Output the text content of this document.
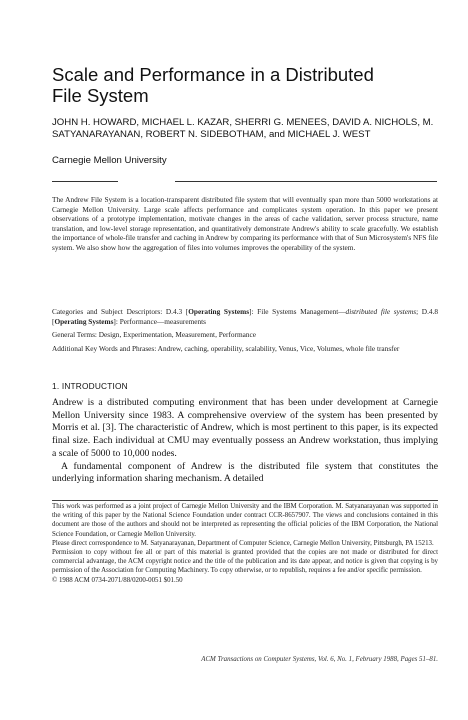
Scale and Performance in a Distributed
File System
JOHN H. HOWARD, MICHAEL L. KAZAR, SHERRI G. MENEES, DAVID A. NICHOLS, M. SATYANARAYANAN, ROBERT N. SIDEBOTHAM, and MICHAEL J. WEST
Carnegie Mellon University
The Andrew File System is a location-transparent distributed file system that will eventually span more than 5000 workstations at Carnegie Mellon University. Large scale affects performance and complicates system operation. In this paper we present observations of a prototype implementation, motivate changes in the areas of cache validation, server process structure, name translation, and low-level storage representation, and quantitatively demonstrate Andrew's ability to scale gracefully. We establish the importance of whole-file transfer and caching in Andrew by comparing its performance with that of Sun Microsystem's NFS file system. We also show how the aggregation of files into volumes improves the operability of the system.
Categories and Subject Descriptors: D.4.3 [Operating Systems]: File Systems Management—distributed file systems; D.4.8 [Operating Systems]: Performance—measurements
General Terms: Design, Experimentation, Measurement, Performance
Additional Key Words and Phrases: Andrew, caching, operability, scalability, Venus, Vice, Volumes, whole file transfer
1. INTRODUCTION

Andrew is a distributed computing environment that has been under development at Carnegie Mellon University since 1983. A comprehensive overview of the system has been presented by Morris et al. [3]. The characteristic of Andrew, which is most pertinent to this paper, is its expected final size. Each individual at CMU may eventually possess an Andrew workstation, thus implying a scale of 5000 to 10,000 nodes.

A fundamental component of Andrew is the distributed file system that constitutes the underlying information sharing mechanism. A detailed

This work was performed as a joint project of Carnegie Mellon University and the IBM Corporation. M. Satyanarayanan was supported in the writing of this paper by the National Science Foundation under contract CCR-8657907. The views and conclusions contained in this document are those of the authors and should not be interpreted as representing the official policies of the IBM Corporation, the National Science Foundation, or Carnegie Mellon University.

Please direct correspondence to M. Satyanarayanan, Department of Computer Science, Carnegie Mellon University, Pittsburgh, PA 15213.

Permission to copy without fee all or part of this material is granted provided that the copies are not made or distributed for direct commercial advantage, the ACM copyright notice and the title of the publication and its date appear, and notice is given that copying is by permission of the Association for Computing Machinery. To copy otherwise, or to republish, requires a fee and/or specific permission.

© 1988 ACM 0734-2071/88/0200-0051 $01.50

ACM Transactions on Computer Systems, Vol. 6, No. 1, February 1988, Pages 51–81.
